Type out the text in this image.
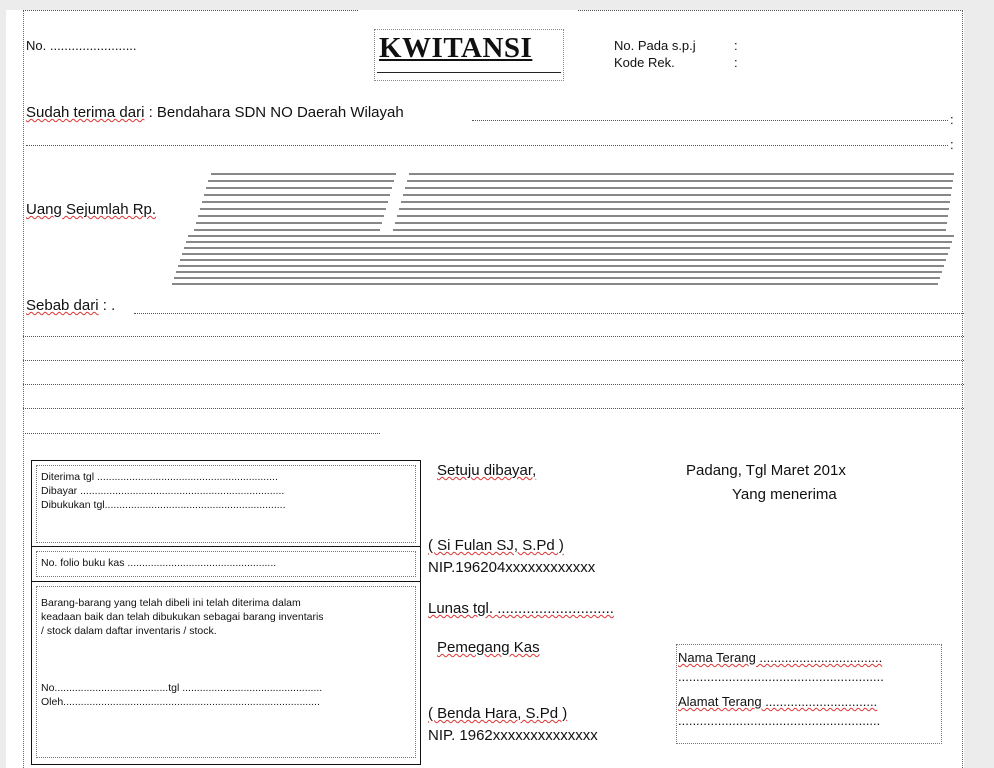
No. ........................	KWITANSI	No. Pada s.p.j	:
Kode Rek.	:
Sudah terima dari : Bendahara SDN NO Daerah Wilayah	:
:
Uang Sejumlah Rp.
Sebab dari : .
Diterima tgl ..............................................................
Dibayar ......................................................................
Dibukukan tgl..............................................................
No. folio buku kas ...................................................
Barang-barang yang telah dibeli ini telah diterima dalam
keadaan baik dan telah dibukukan sebagai barang inventaris
/ stock dalam daftar inventaris / stock.
No.......................................tgl ................................................
Oleh........................................................................................
Setuju dibayar,
( Si Fulan SJ, S.Pd )
NIP.196204xxxxxxxxxxxx
Lunas tgl. ............................
Pemegang Kas
( Benda Hara, S.Pd )
NIP. 1962xxxxxxxxxxxxxx
Padang, Tgl Maret 201x
Yang menerima
Nama Terang ..................................
.........................................................
Alamat Terang ...............................
........................................................
